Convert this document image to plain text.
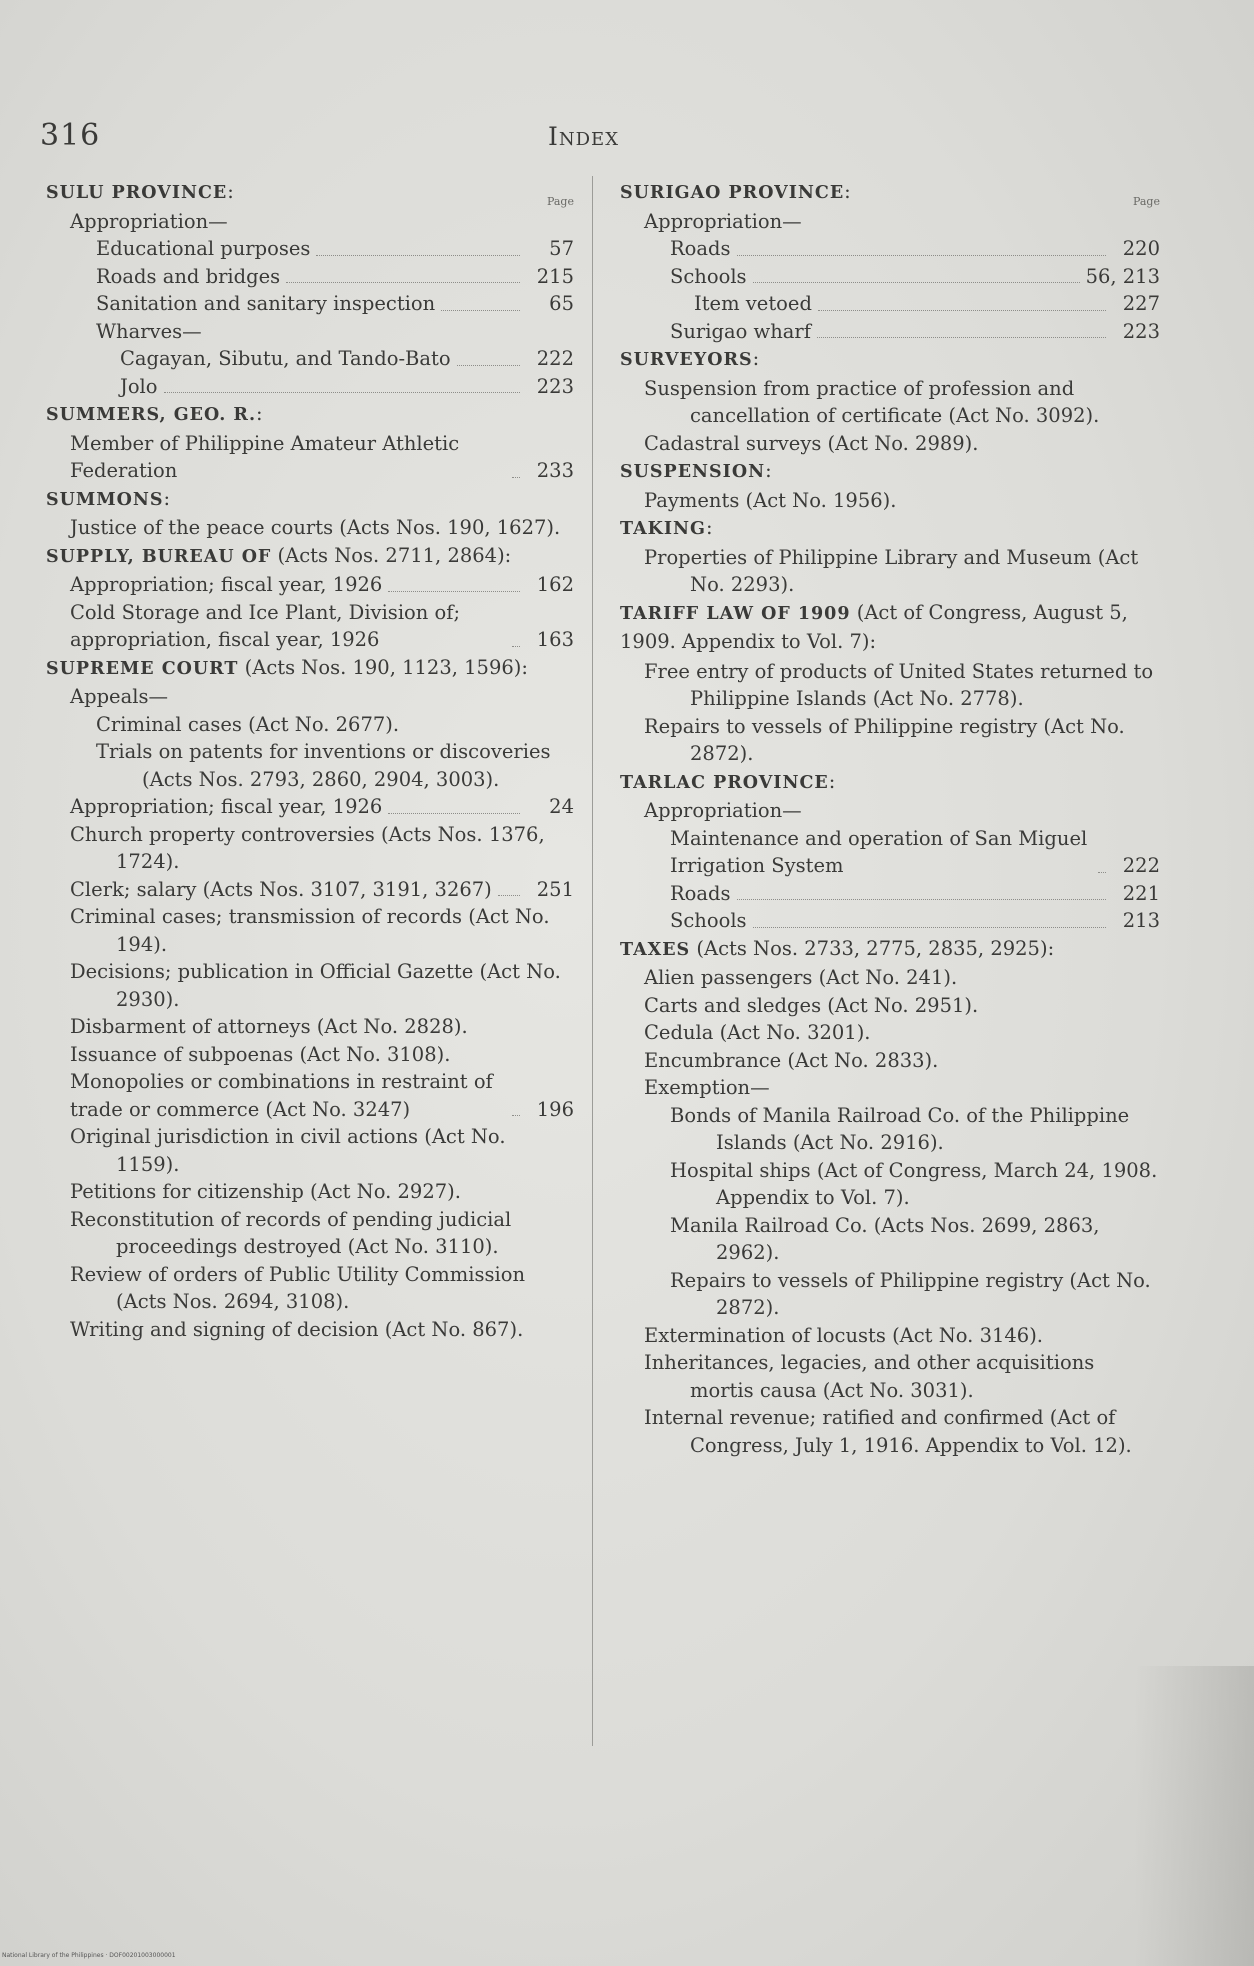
316	Index
Page
SULU PROVINCE:
Appropriation—
Educational purposes	57
Roads and bridges	215
Sanitation and sanitary inspection	65
Wharves—
Cagayan, Sibutu, and Tando-Bato	222
Jolo	223
SUMMERS, GEO. R.:
Member of Philippine Amateur Athletic Federation	233
SUMMONS:
Justice of the peace courts (Acts Nos. 190, 1627).
SUPPLY, BUREAU OF (Acts Nos. 2711, 2864):
Appropriation; fiscal year, 1926	162
Cold Storage and Ice Plant, Division of; appropriation, fiscal year, 1926	163
SUPREME COURT (Acts Nos. 190, 1123, 1596):
Appeals—
Criminal cases (Act No. 2677).
Trials on patents for inventions or discoveries (Acts Nos. 2793, 2860, 2904, 3003).
Appropriation; fiscal year, 1926	24
Church property controversies (Acts Nos. 1376, 1724).
Clerk; salary (Acts Nos. 3107, 3191, 3267)	251
Criminal cases; transmission of records (Act No. 194).
Decisions; publication in Official Gazette (Act No. 2930).
Disbarment of attorneys (Act No. 2828).
Issuance of subpoenas (Act No. 3108).
Monopolies or combinations in restraint of trade or commerce (Act No. 3247)	196
Original jurisdiction in civil actions (Act No. 1159).
Petitions for citizenship (Act No. 2927).
Reconstitution of records of pending judicial proceedings destroyed (Act No. 3110).
Review of orders of Public Utility Commission (Acts Nos. 2694, 3108).
Writing and signing of decision (Act No. 867).
Page
SURIGAO PROVINCE:
Appropriation—
Roads	220
Schools	56, 213
Item vetoed	227
Surigao wharf	223
SURVEYORS:
Suspension from practice of profession and cancellation of certificate (Act No. 3092).
Cadastral surveys (Act No. 2989).
SUSPENSION:
Payments (Act No. 1956).
TAKING:
Properties of Philippine Library and Museum (Act No. 2293).
TARIFF LAW OF 1909 (Act of Congress, August 5, 1909. Appendix to Vol. 7):
Free entry of products of United States returned to Philippine Islands (Act No. 2778).
Repairs to vessels of Philippine registry (Act No. 2872).
TARLAC PROVINCE:
Appropriation—
Maintenance and operation of San Miguel Irrigation System	222
Roads	221
Schools	213
TAXES (Acts Nos. 2733, 2775, 2835, 2925):
Alien passengers (Act No. 241).
Carts and sledges (Act No. 2951).
Cedula (Act No. 3201).
Encumbrance (Act No. 2833).
Exemption—
Bonds of Manila Railroad Co. of the Philippine Islands (Act No. 2916).
Hospital ships (Act of Congress, March 24, 1908. Appendix to Vol. 7).
Manila Railroad Co. (Acts Nos. 2699, 2863, 2962).
Repairs to vessels of Philippine registry (Act No. 2872).
Extermination of locusts (Act No. 3146).
Inheritances, legacies, and other acquisitions mortis causa (Act No. 3031).
Internal revenue; ratified and confirmed (Act of Congress, July 1, 1916. Appendix to Vol. 12).
National Library of the Philippines · DOF00201003000001
